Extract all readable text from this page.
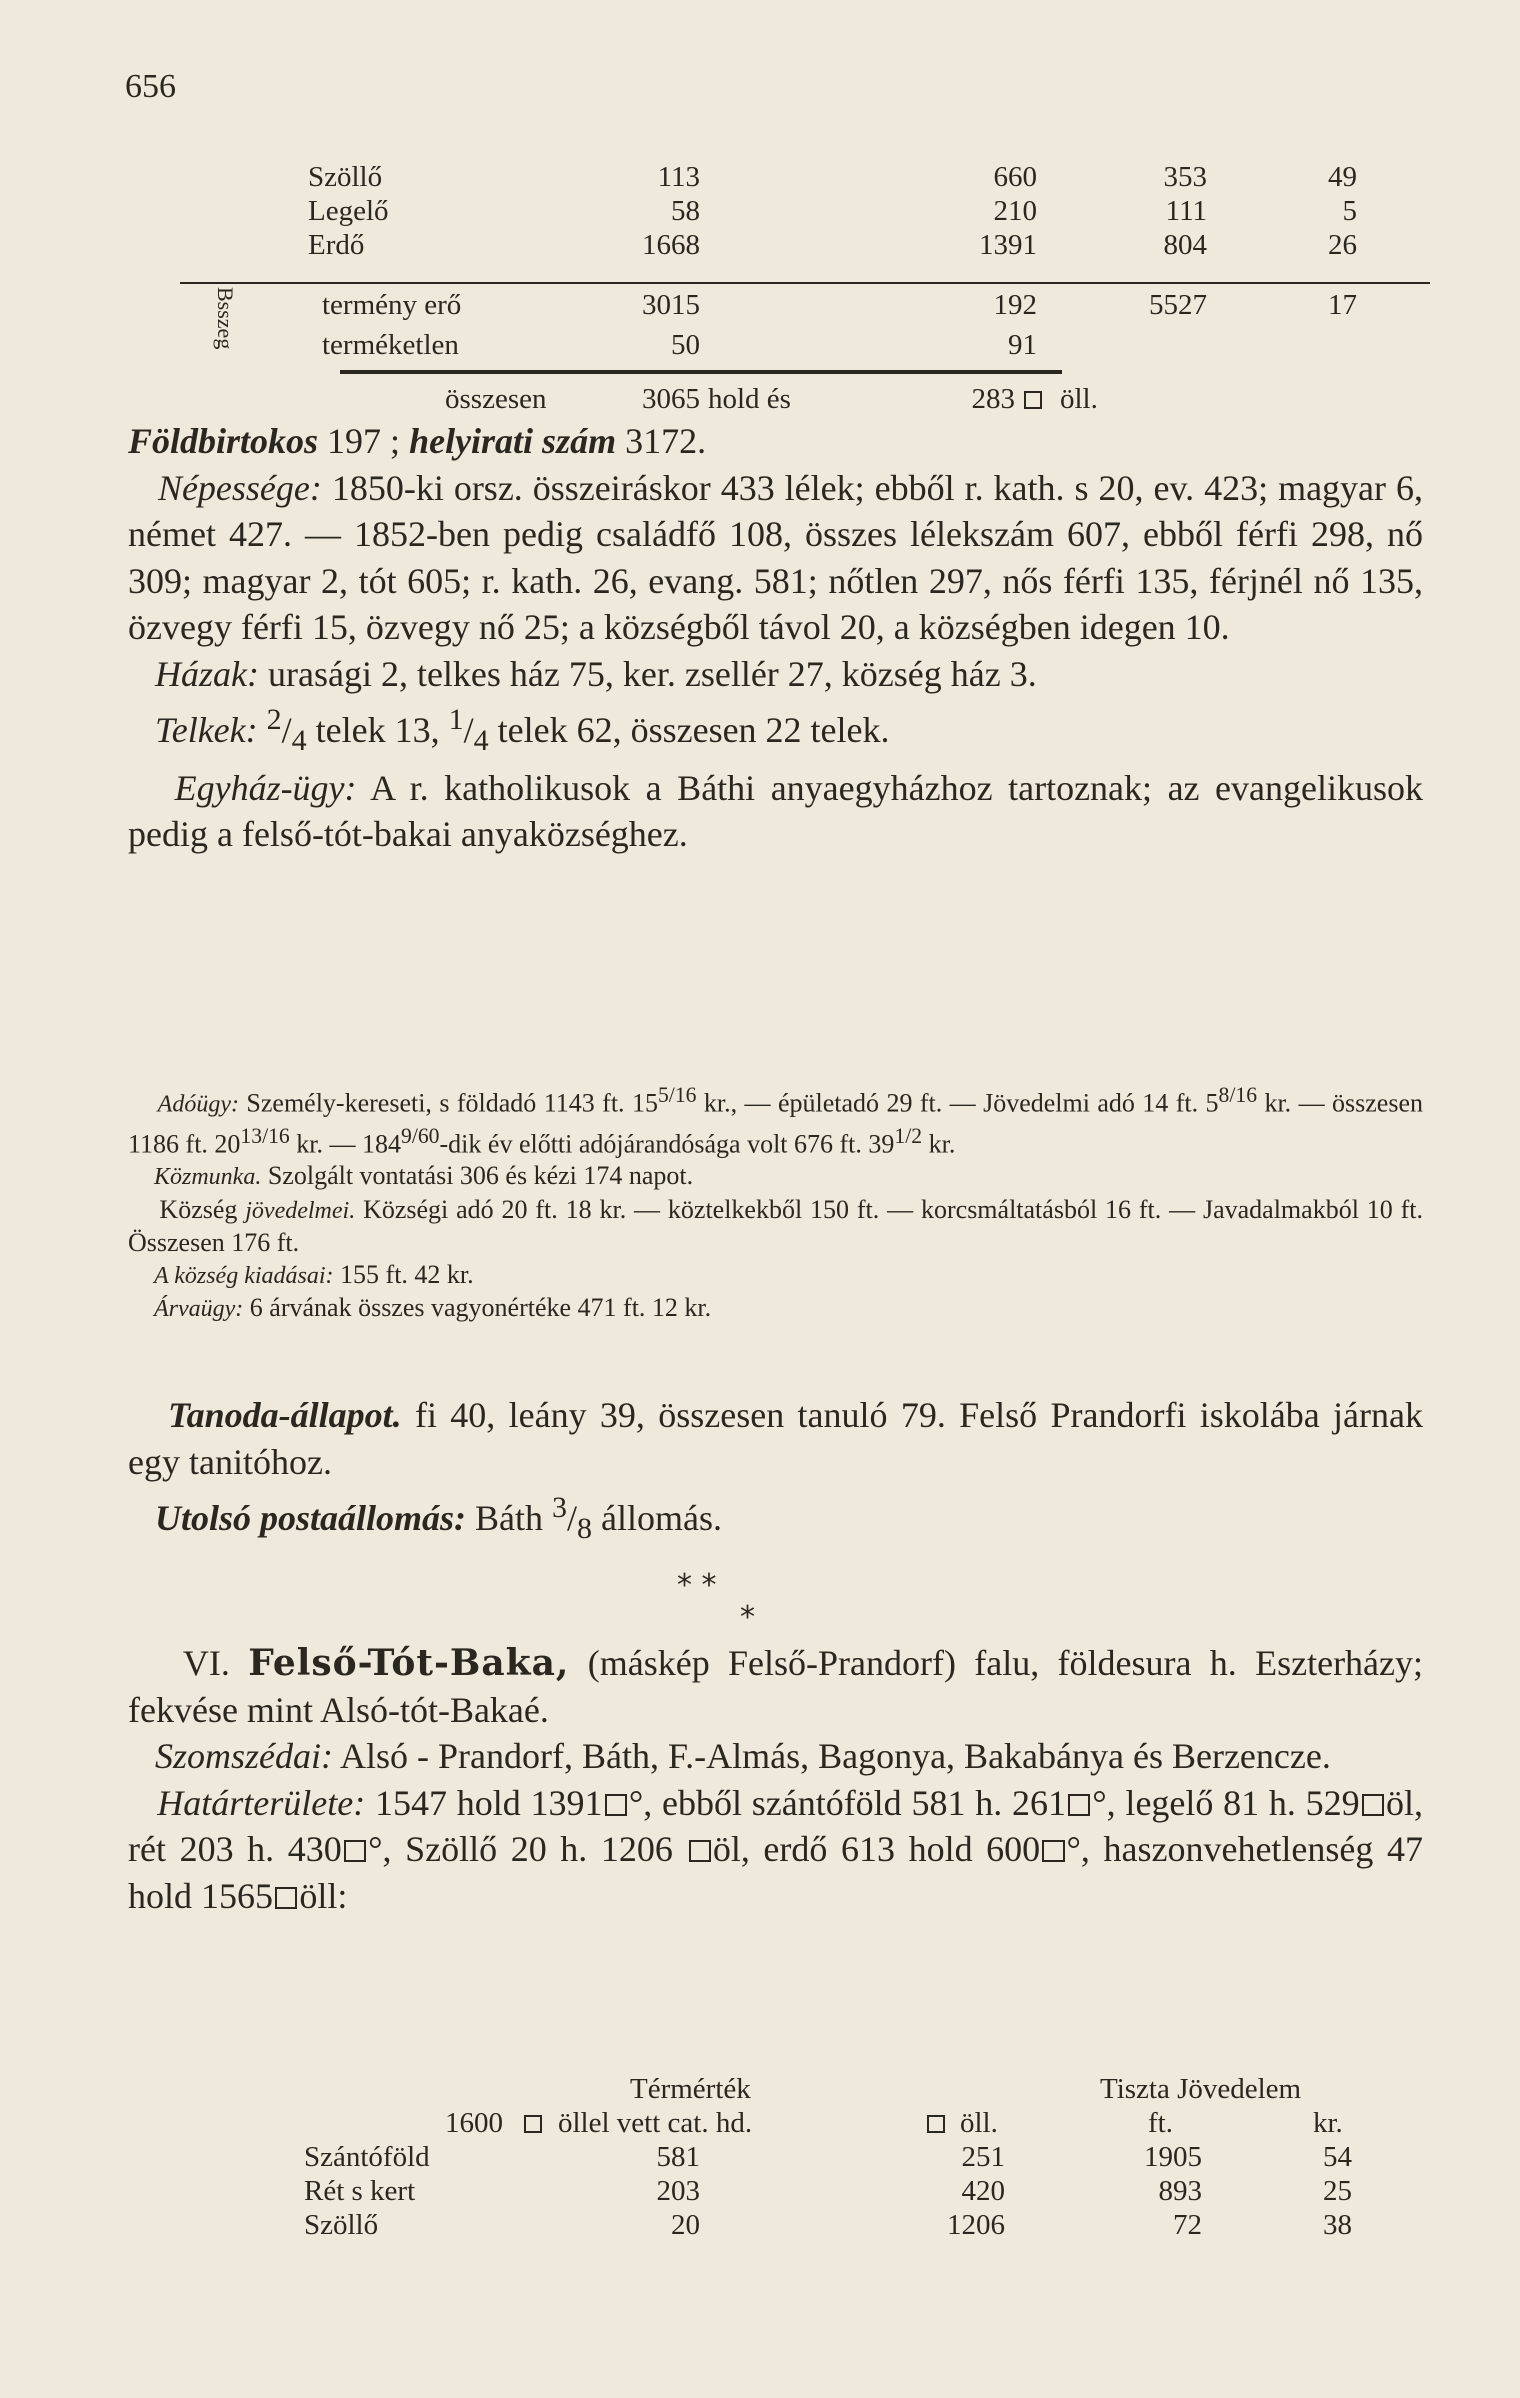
656
Szöllő	113	660	353	49
Legelő	58	210	111	5
Erdő	1668	1391	804	26
Bsszeg	termény erő	3015	192	5527	17
terméketlen	50	91
összesen	3065 hold és	283 öll.

Földbirtokos 197 ; helyirati szám 3172.

Népessége: 1850-ki orsz. összeiráskor 433 lélek; ebből r. kath. s 20, ev. 423; magyar 6, német 427. — 1852-ben pedig családfő 108, összes lélekszám 607, ebből férfi 298, nő 309; magyar 2, tót 605; r. kath. 26, evang. 581; nőtlen 297, nős férfi 135, férjnél nő 135, özvegy férfi 15, özvegy nő 25; a községből távol 20, a községben idegen 10.

Házak: urasági 2, telkes ház 75, ker. zsellér 27, község ház 3.

Telkek: $^2/_4$ telek 13, $^1/_4$ telek 62, összesen 22 telek.

Egyház-ügy: A r. katholikusok a Báthi anyaegyházhoz tartoznak; az evangelikusok pedig a felső-tót-bakai anyaközséghez.

Adóügy: Személy-kereseti, s földadó 1143 ft. $15^{5/16}$ kr., — épületadó 29 ft. — Jövedelmi adó 14 ft. $5^{8/16}$ kr. — összesen 1186 ft. $20^{13/16}$ kr. — $184^{9/60}$-dik év előtti adójárandósága volt 676 ft. $39^{1/2}$ kr.

Közmunka. Szolgált vontatási 306 és kézi 174 napot.

Község jövedelmei. Községi adó 20 ft. 18 kr. — köztelkekből 150 ft. — korcsmáltatásból 16 ft. — Javadalmakból 10 ft. Összesen 176 ft.

A község kiadásai: 155 ft. 42 kr.

Árvaügy: 6 árvának összes vagyonértéke 471 ft. 12 kr.

Tanoda-állapot. fi 40, leány 39, összesen tanuló 79. Felső Prandorfi iskolába járnak egy tanitóhoz.

Utolsó postaállomás: Báth $^3/_8$ állomás.

* *
*

VI. Felső-Tót-Baka, (máskép Felső-Prandorf) falu, földesura h. Eszterházy; fekvése mint Alsó-tót-Bakaé.

Szomszédai: Alsó - Prandorf, Báth, F.-Almás, Bagonya, Bakabánya és Berzencze.

Határterülete: 1547 hold 1391 °, ebből szántóföld 581 h. 261 °, legelő 81 h. 529 öl, rét 203 h. 430 °, Szöllő 20 h. 1206 öl, erdő 613 hold 600 °, haszonvehetlenség 47 hold 1565 öll:

Térmérték	Tiszta Jövedelem
1600 öllel vett cat. hd.	öll.	ft.	kr.
Szántóföld	581	251	1905	54
Rét s kert	203	420	893	25
Szöllő	20	1206	72	38
